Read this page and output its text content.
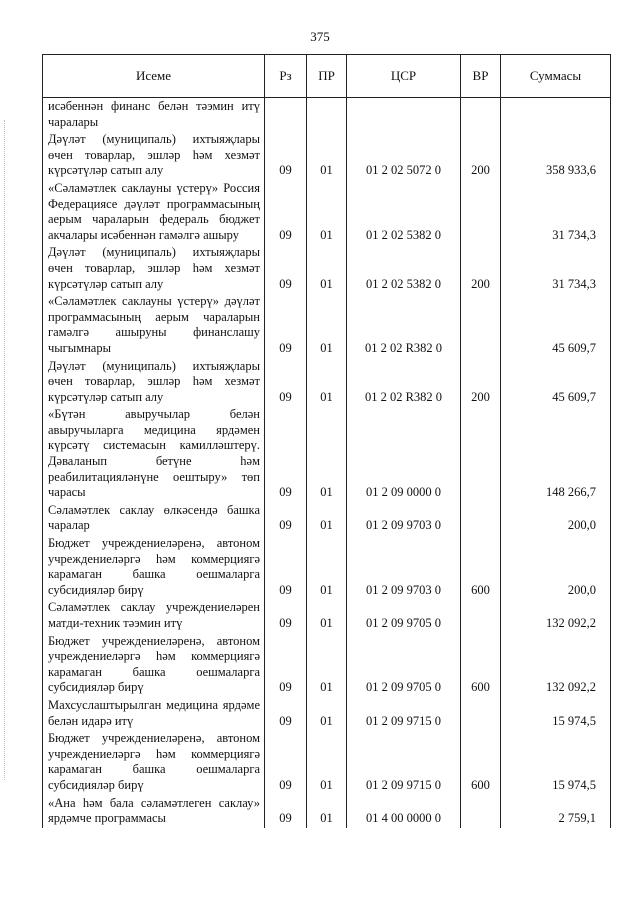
375
Исеме	Рз	ПР	ЦСР	ВР	Суммасы
исәбеннән финанс белән тәэмин итү чаралары					
Дәүләт (муниципаль) ихтыяҗлары өчен товарлар, эшләр һәм хезмәт күрсәтүләр сатып алу	09	01	01 2 02 5072 0	200	358 933,6
«Сәламәтлек саклауны үстерү» Россия Федерациясе дәүләт программасының аерым чараларын федераль бюджет акчалары исәбеннән гамәлгә ашыру	09	01	01 2 02 5382 0		31 734,3
Дәүләт (муниципаль) ихтыяҗлары өчен товарлар, эшләр һәм хезмәт күрсәтүләр сатып алу	09	01	01 2 02 5382 0	200	31 734,3
«Сәламәтлек саклауны үстерү» дәүләт программасының аерым чараларын гамәлгә ашыруны финанслашу чыгымнары	09	01	01 2 02 R382 0		45 609,7
Дәүләт (муниципаль) ихтыяҗлары өчен товарлар, эшләр һәм хезмәт күрсәтүләр сатып алу	09	01	01 2 02 R382 0	200	45 609,7
«Бүтән авыручылар белән авыручыларга медицина ярдәмен күрсәтү системасын камилләштерү. Дәваланып бетүне һәм реабилитацияләнүне оештыру» төп чарасы	09	01	01 2 09 0000 0		148 266,7
Сәламәтлек саклау өлкәсендә башка чаралар	09	01	01 2 09 9703 0		200,0
Бюджет учреждениеләренә, автоном учреждениеләргә һәм коммерциягә карамаган башка оешмаларга субсидияләр бирү	09	01	01 2 09 9703 0	600	200,0
Сәламәтлек саклау учреждениеләрен матди-техник тәэмин итү	09	01	01 2 09 9705 0		132 092,2
Бюджет учреждениеләренә, автоном учреждениеләргә һәм коммерциягә карамаган башка оешмаларга субсидияләр бирү	09	01	01 2 09 9705 0	600	132 092,2
Махсуслаштырылган медицина ярдәме белән идарә итү	09	01	01 2 09 9715 0		15 974,5
Бюджет учреждениеләренә, автоном учреждениеләргә һәм коммерциягә карамаган башка оешмаларга субсидияләр бирү	09	01	01 2 09 9715 0	600	15 974,5
«Ана һәм бала сәламәтлеген саклау» ярдәмче программасы	09	01	01 4 00 0000 0		2 759,1
